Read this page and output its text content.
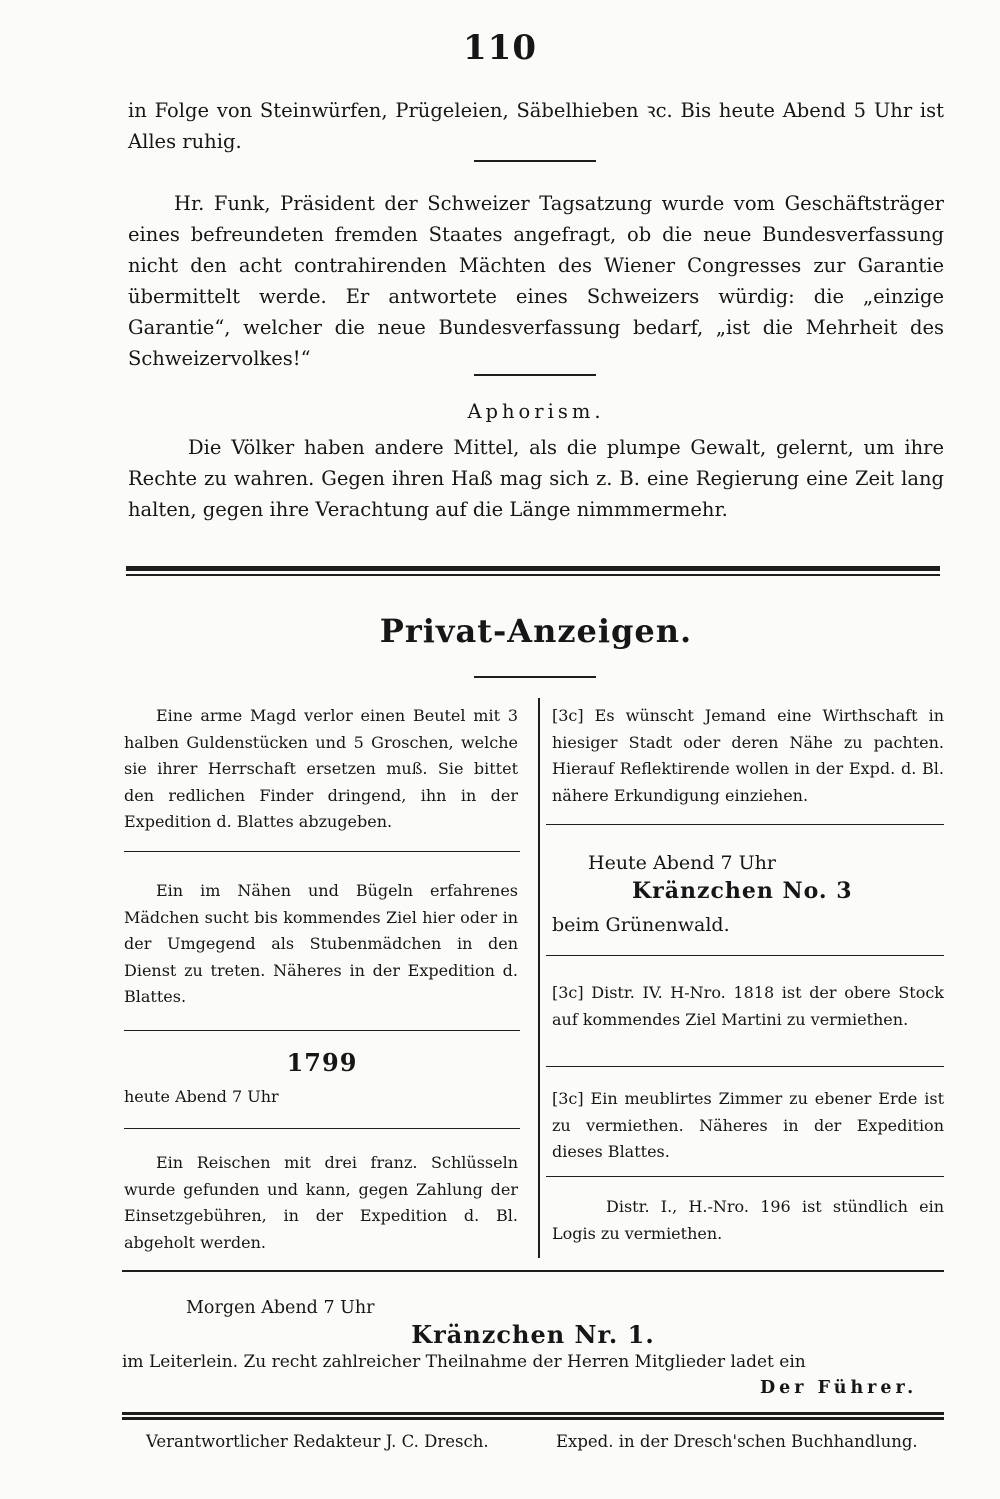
110
in Folge von Steinwürfen, Prügeleien, Säbelhieben ꝛc. Bis heute Abend 5 Uhr ist Alles ruhig.
Hr. Funk, Präsident der Schweizer Tagsatzung wurde vom Geschäftsträger eines befreundeten fremden Staates angefragt, ob die neue Bundesverfassung nicht den acht contrahirenden Mächten des Wiener Congresses zur Garantie übermittelt werde. Er antwortete eines Schweizers würdig: die „einzige Garantie“, welcher die neue Bundesverfassung bedarf, „ist die Mehrheit des Schweizervolkes!“
Aphorism.
Die Völker haben andere Mittel, als die plumpe Gewalt, gelernt, um ihre Rechte zu wahren. Gegen ihren Haß mag sich z. B. eine Regierung eine Zeit lang halten, gegen ihre Verachtung auf die Länge nimmmermehr.
Privat-Anzeigen.
Eine arme Magd verlor einen Beutel mit 3 halben Guldenstücken und 5 Groschen, welche sie ihrer Herrschaft ersetzen muß. Sie bittet den redlichen Finder dringend, ihn in der Expedition d. Blattes abzugeben.
Ein im Nähen und Bügeln erfahrenes Mädchen sucht bis kommendes Ziel hier oder in der Umgegend als Stubenmädchen in den Dienst zu treten. Näheres in der Expedition d. Blattes.
1799
heute Abend 7 Uhr
Ein Reischen mit drei franz. Schlüsseln wurde gefunden und kann, gegen Zahlung der Einsetzgebühren, in der Expedition d. Bl. abgeholt werden.
[3c] Es wünscht Jemand eine Wirthschaft in hiesiger Stadt oder deren Nähe zu pachten. Hierauf Reflektirende wollen in der Expd. d. Bl. nähere Erkundigung einziehen.
Heute Abend 7 Uhr
Kränzchen No. 3
beim Grünenwald.
[3c] Distr. IV. H-Nro. 1818 ist der obere Stock auf kommendes Ziel Martini zu vermiethen.
[3c] Ein meublirtes Zimmer zu ebener Erde ist zu vermiethen. Näheres in der Expedition dieses Blattes.
Distr. I., H.-Nro. 196 ist stündlich ein Logis zu vermiethen.
Morgen Abend 7 Uhr
Kränzchen Nr. 1.
im Leiterlein. Zu recht zahlreicher Theilnahme der Herren Mitglieder ladet ein
Der Führer.
Verantwortlicher Redakteur J. C. Dresch.	Exped. in der Dresch'schen Buchhandlung.
